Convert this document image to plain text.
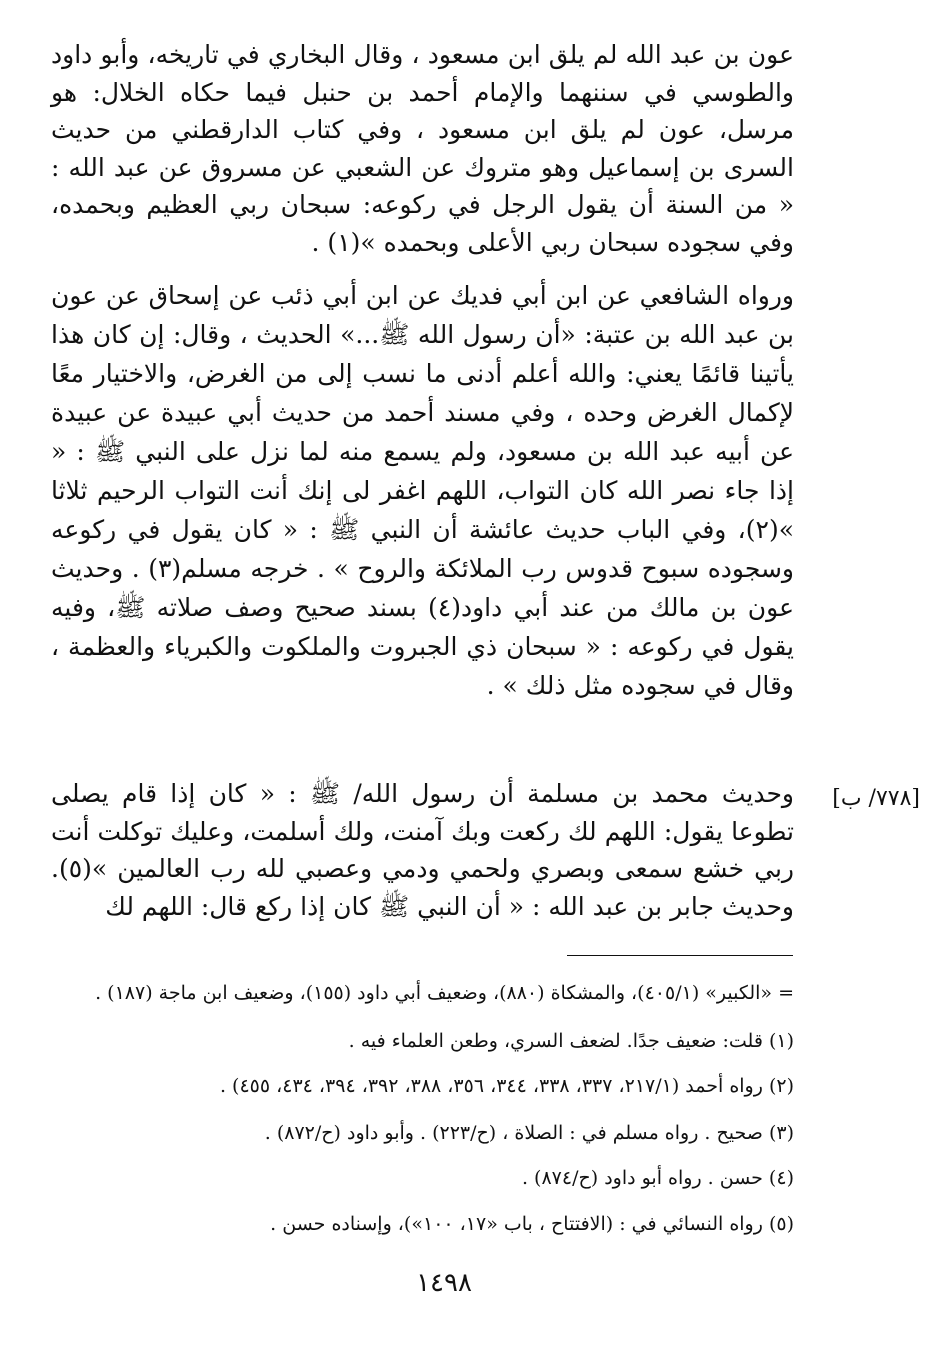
عون بن عبد الله لم يلق ابن مسعود ، وقال البخاري في تاريخه، وأبو داود والطوسي في سننهما والإمام أحمد بن حنبل فيما حكاه الخلال: هو مرسل، عون لم يلق ابن مسعود ، وفي كتاب الدارقطني من حديث السرى بن إسماعيل وهو متروك عن الشعبي عن مسروق عن عبد الله : « من السنة أن يقول الرجل في ركوعه: سبحان ربي العظيم وبحمده، وفي سجوده سبحان ربي الأعلى وبحمده »(١) .
ورواه الشافعي عن ابن أبي فديك عن ابن أبي ذئب عن إسحاق عن عون بن عبد الله بن عتبة: «أن رسول الله ﷺ...» الحديث ، وقال: إن كان هذا يأتينا قائمًا يعني: والله أعلم أدنى ما نسب إلى من الغرض، والاختيار معًا لإكمال الغرض وحده ، وفي مسند أحمد من حديث أبي عبيدة عن عبيدة عن أبيه عبد الله بن مسعود، ولم يسمع منه لما نزل على النبي ﷺ : « إذا جاء نصر الله كان التواب، اللهم اغفر لى إنك أنت التواب الرحيم ثلاثا »(٢)، وفي الباب حديث عائشة أن النبي ﷺ : « كان يقول في ركوعه وسجوده سبوح قدوس رب الملائكة والروح » . خرجه مسلم(٣) . وحديث عون بن مالك من عند أبي داود(٤) بسند صحيح وصف صلاته ﷺ، وفيه يقول في ركوعه : « سبحان ذي الجبروت والملكوت والكبرياء والعظمة ، وقال في سجوده مثل ذلك » .
وحديث محمد بن مسلمة أن رسول الله/ ﷺ : « كان إذا قام يصلى تطوعا يقول: اللهم لك ركعت وبك آمنت، ولك أسلمت، وعليك توكلت أنت ربي خشع سمعى وبصري ولحمي ودمي وعصبي لله رب العالمين »(٥). وحديث جابر بن عبد الله : « أن النبي ﷺ كان إذا ركع قال: اللهم لك
[٧٧٨/ ب]
= «الكبير» (٤٠٥/١)، والمشكاة (٨٨٠)، وضعيف أبي داود (١٥٥)، وضعيف ابن ماجة (١٨٧) .
(١) قلت: ضعيف جدًا. لضعف السري، وطعن العلماء فيه .
(٢) رواه أحمد (٢١٧/١، ٣٣٧، ٣٣٨، ٣٤٤، ٣٥٦، ٣٨٨، ٣٩٢، ٣٩٤، ٤٣٤، ٤٥٥) .
(٣) صحيح . رواه مسلم في : الصلاة ، (ح/٢٢٣) . وأبو داود (ح/٨٧٢) .
(٤) حسن . رواه أبو داود (ح/٨٧٤) .
(٥) رواه النسائي في : (الافتتاح ، باب «١٧، ١٠٠»)، وإسناده حسن .
١٤٩٨
